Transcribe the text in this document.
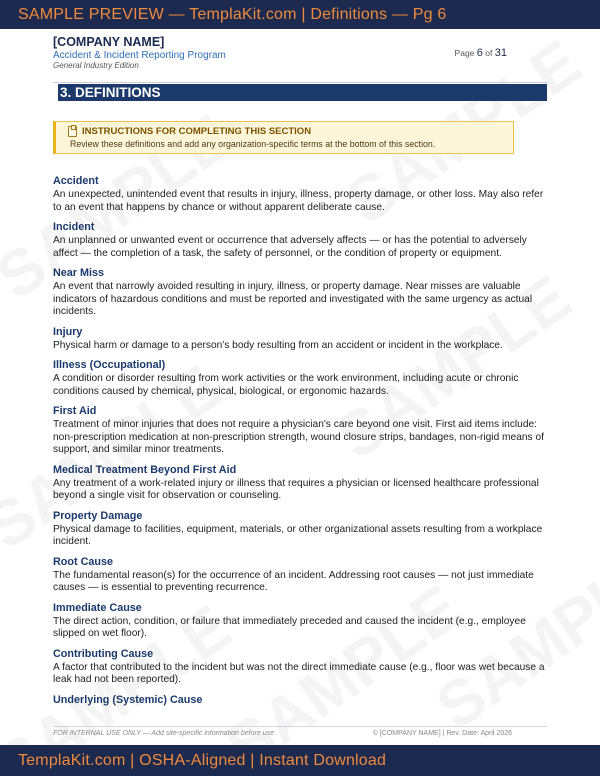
SAMPLE PREVIEW — TemplaKit.com | Definitions — Pg 6
[COMPANY NAME]
Accident & Incident Reporting Program
General Industry Edition
Page 6 of 31
3. DEFINITIONS
INSTRUCTIONS FOR COMPLETING THIS SECTION
Review these definitions and add any organization-specific terms at the bottom of this section.
Accident
An unexpected, unintended event that results in injury, illness, property damage, or other loss. May also refer to an event that happens by chance or without apparent deliberate cause.
Incident
An unplanned or unwanted event or occurrence that adversely affects — or has the potential to adversely affect — the completion of a task, the safety of personnel, or the condition of property or equipment.
Near Miss
An event that narrowly avoided resulting in injury, illness, or property damage. Near misses are valuable indicators of hazardous conditions and must be reported and investigated with the same urgency as actual incidents.
Injury
Physical harm or damage to a person's body resulting from an accident or incident in the workplace.
Illness (Occupational)
A condition or disorder resulting from work activities or the work environment, including acute or chronic conditions caused by chemical, physical, biological, or ergonomic hazards.
First Aid
Treatment of minor injuries that does not require a physician's care beyond one visit. First aid items include: non-prescription medication at non-prescription strength, wound closure strips, bandages, non-rigid means of support, and similar minor treatments.
Medical Treatment Beyond First Aid
Any treatment of a work-related injury or illness that requires a physician or licensed healthcare professional beyond a single visit for observation or counseling.
Property Damage
Physical damage to facilities, equipment, materials, or other organizational assets resulting from a workplace incident.
Root Cause
The fundamental reason(s) for the occurrence of an incident. Addressing root causes — not just immediate causes — is essential to preventing recurrence.
Immediate Cause
The direct action, condition, or failure that immediately preceded and caused the incident (e.g., employee slipped on wet floor).
Contributing Cause
A factor that contributed to the incident but was not the direct immediate cause (e.g., floor was wet because a leak had not been reported).
Underlying (Systemic) Cause
FOR INTERNAL USE ONLY — Add site-specific information before use	© [COMPANY NAME] | Rev. Date: April 2026
TemplaKit.com | OSHA-Aligned | Instant Download
